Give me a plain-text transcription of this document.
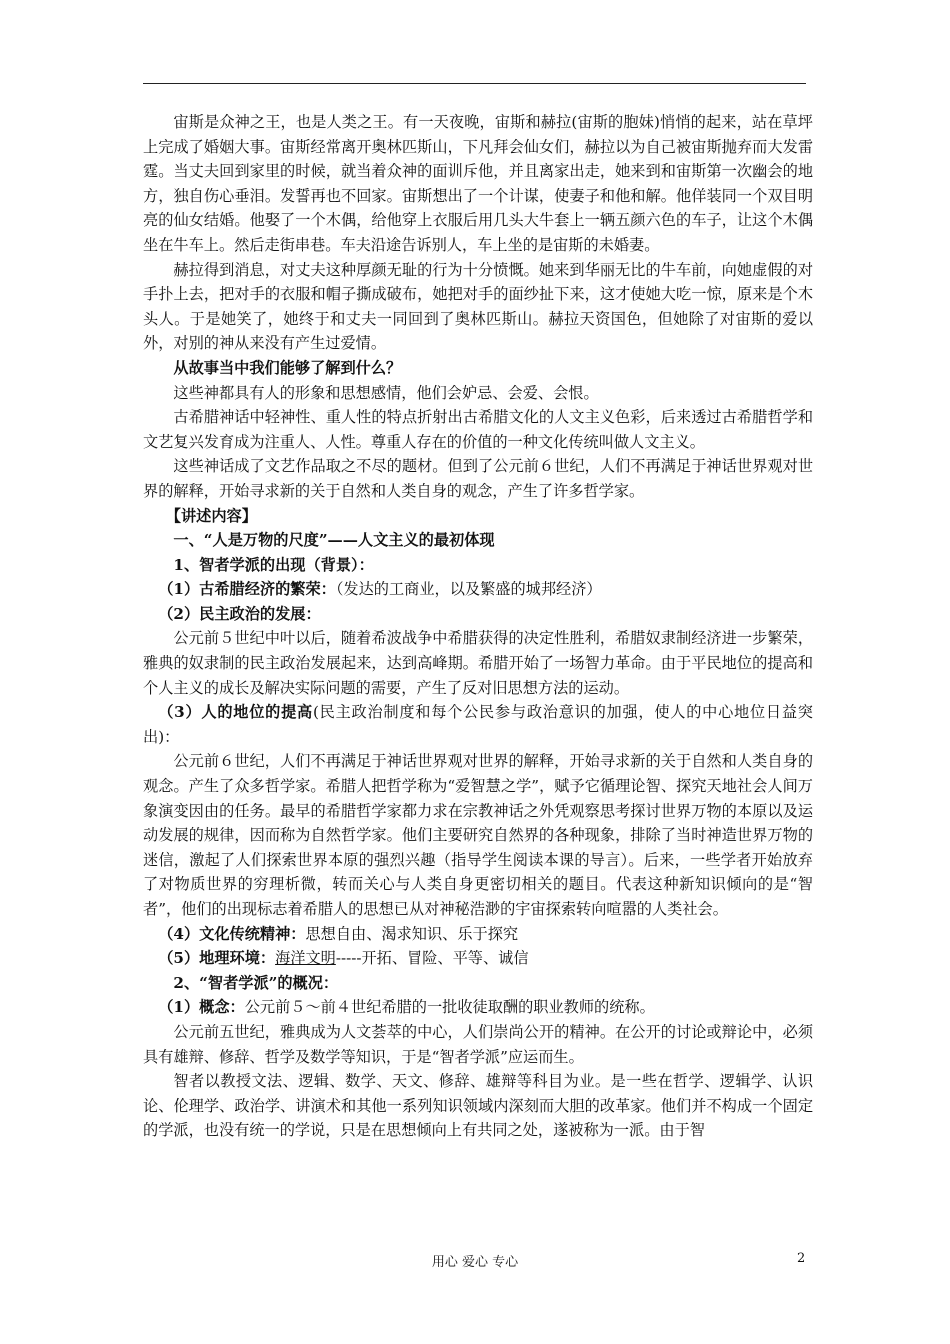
宙斯是众神之王，也是人类之王。有一天夜晚，宙斯和赫拉(宙斯的胞妹)悄悄的起来，站在草坪上完成了婚姻大事。宙斯经常离开奥林匹斯山，下凡拜会仙女们，赫拉以为自己被宙斯抛弃而大发雷霆。当丈夫回到家里的时候，就当着众神的面训斥他，并且离家出走，她来到和宙斯第一次幽会的地方，独自伤心垂泪。发誓再也不回家。宙斯想出了一个计谋，使妻子和他和解。他佯装同一个双目明亮的仙女结婚。他娶了一个木偶，给他穿上衣服后用几头大牛套上一辆五颜六色的车子，让这个木偶坐在牛车上。然后走街串巷。车夫沿途告诉别人，车上坐的是宙斯的未婚妻。

赫拉得到消息，对丈夫这种厚颜无耻的行为十分愤慨。她来到华丽无比的牛车前，向她虚假的对手扑上去，把对手的衣服和帽子撕成破布，她把对手的面纱扯下来，这才使她大吃一惊，原来是个木头人。于是她笑了，她终于和丈夫一同回到了奥林匹斯山。赫拉天资国色，但她除了对宙斯的爱以外，对别的神从来没有产生过爱情。

从故事当中我们能够了解到什么？

这些神都具有人的形象和思想感情，他们会妒忌、会爱、会恨。

古希腊神话中轻神性、重人性的特点折射出古希腊文化的人文主义色彩，后来透过古希腊哲学和文艺复兴发育成为注重人、人性。尊重人存在的价值的一种文化传统叫做人文主义。

这些神话成了文艺作品取之不尽的题材。但到了公元前６世纪，人们不再满足于神话世界观对世界的解释，开始寻求新的关于自然和人类自身的观念，产生了许多哲学家。

【讲述内容】

一、“人是万物的尺度”——人文主义的最初体现

1、智者学派的出现（背景）：

（1）古希腊经济的繁荣：（发达的工商业，以及繁盛的城邦经济）

（2）民主政治的发展：

公元前５世纪中叶以后，随着希波战争中希腊获得的决定性胜利，希腊奴隶制经济进一步繁荣，雅典的奴隶制的民主政治发展起来，达到高峰期。希腊开始了一场智力革命。由于平民地位的提高和个人主义的成长及解决实际问题的需要，产生了反对旧思想方法的运动。

（3）人的地位的提高(民主政治制度和每个公民参与政治意识的加强，使人的中心地位日益突出)：

公元前６世纪，人们不再满足于神话世界观对世界的解释，开始寻求新的关于自然和人类自身的观念。产生了众多哲学家。希腊人把哲学称为“爱智慧之学”，赋予它循理论智、探究天地社会人间万象演变因由的任务。最早的希腊哲学家都力求在宗教神话之外凭观察思考探讨世界万物的本原以及运动发展的规律，因而称为自然哲学家。他们主要研究自然界的各种现象，排除了当时神造世界万物的迷信，激起了人们探索世界本原的强烈兴趣（指导学生阅读本课的导言）。后来，一些学者开始放弃了对物质世界的穷理析微，转而关心与人类自身更密切相关的题目。代表这种新知识倾向的是“智者”，他们的出现标志着希腊人的思想已从对神秘浩渺的宇宙探索转向喧嚣的人类社会。

（4）文化传统精神：思想自由、渴求知识、乐于探究

（5）地理环境：海洋文明-----开拓、冒险、平等、诚信

2、“智者学派”的概况：

（1）概念：公元前５～前４世纪希腊的一批收徒取酬的职业教师的统称。

公元前五世纪，雅典成为人文荟萃的中心，人们崇尚公开的精神。在公开的讨论或辩论中，必须具有雄辩、修辞、哲学及数学等知识，于是“智者学派”应运而生。

智者以教授文法、逻辑、数学、天文、修辞、雄辩等科目为业。是一些在哲学、逻辑学、认识论、伦理学、政治学、讲演术和其他一系列知识领域内深刻而大胆的改革家。他们并不构成一个固定的学派，也没有统一的学说，只是在思想倾向上有共同之处，遂被称为一派。由于智

用心 爱心 专心	2
